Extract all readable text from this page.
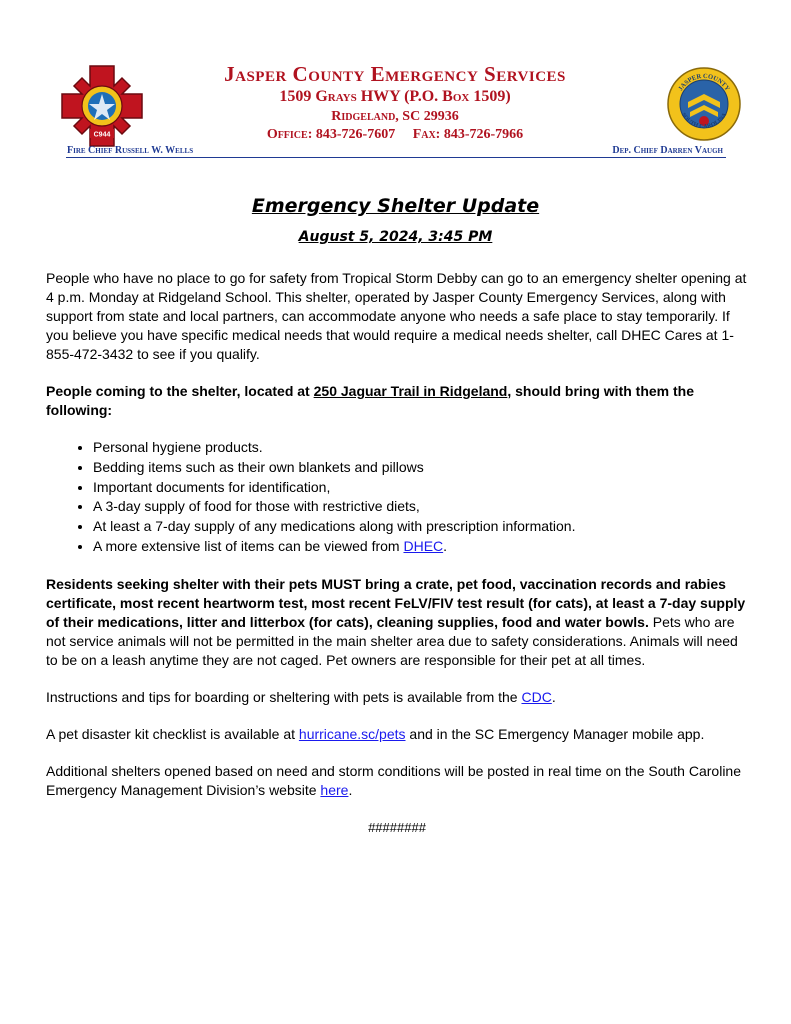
C944
Jasper County Emergency Services
1509 Grays HWY (P.O. Box 1509)
Ridgeland, SC 29936
Office: 843-726-7607     Fax: 843-726-7966
JASPER COUNTY
SOUTH CAROLINA
Fire Chief Russell W. Wells	Dep. Chief Darren Vaugh
Emergency Shelter Update
August 5, 2024, 3:45 PM

People who have no place to go for safety from Tropical Storm Debby can go to an emergency shelter opening at 4 p.m. Monday at Ridgeland School. This shelter, operated by Jasper County Emergency Services, along with support from state and local partners, can accommodate anyone who needs a safe place to stay temporarily. If you believe you have specific medical needs that would require a medical needs shelter, call DHEC Cares at 1-855-472-3432 to see if you qualify.

People coming to the shelter, located at 250 Jaguar Trail in Ridgeland, should bring with them the following:

• Personal hygiene products.
• Bedding items such as their own blankets and pillows
• Important documents for identification,
• A 3-day supply of food for those with restrictive diets,
• At least a 7-day supply of any medications along with prescription information.
• A more extensive list of items can be viewed from DHEC.

Residents seeking shelter with their pets MUST bring a crate, pet food, vaccination records and rabies certificate, most recent heartworm test, most recent FeLV/FIV test result (for cats), at least a 7-day supply of their medications, litter and litterbox (for cats), cleaning supplies, food and water bowls. Pets who are not service animals will not be permitted in the main shelter area due to safety considerations. Animals will need to be on a leash anytime they are not caged. Pet owners are responsible for their pet at all times.

Instructions and tips for boarding or sheltering with pets is available from the CDC.

A pet disaster kit checklist is available at hurricane.sc/pets and in the SC Emergency Manager mobile app.

Additional shelters opened based on need and storm conditions will be posted in real time on the South Caroline Emergency Management Division’s website here.

########
